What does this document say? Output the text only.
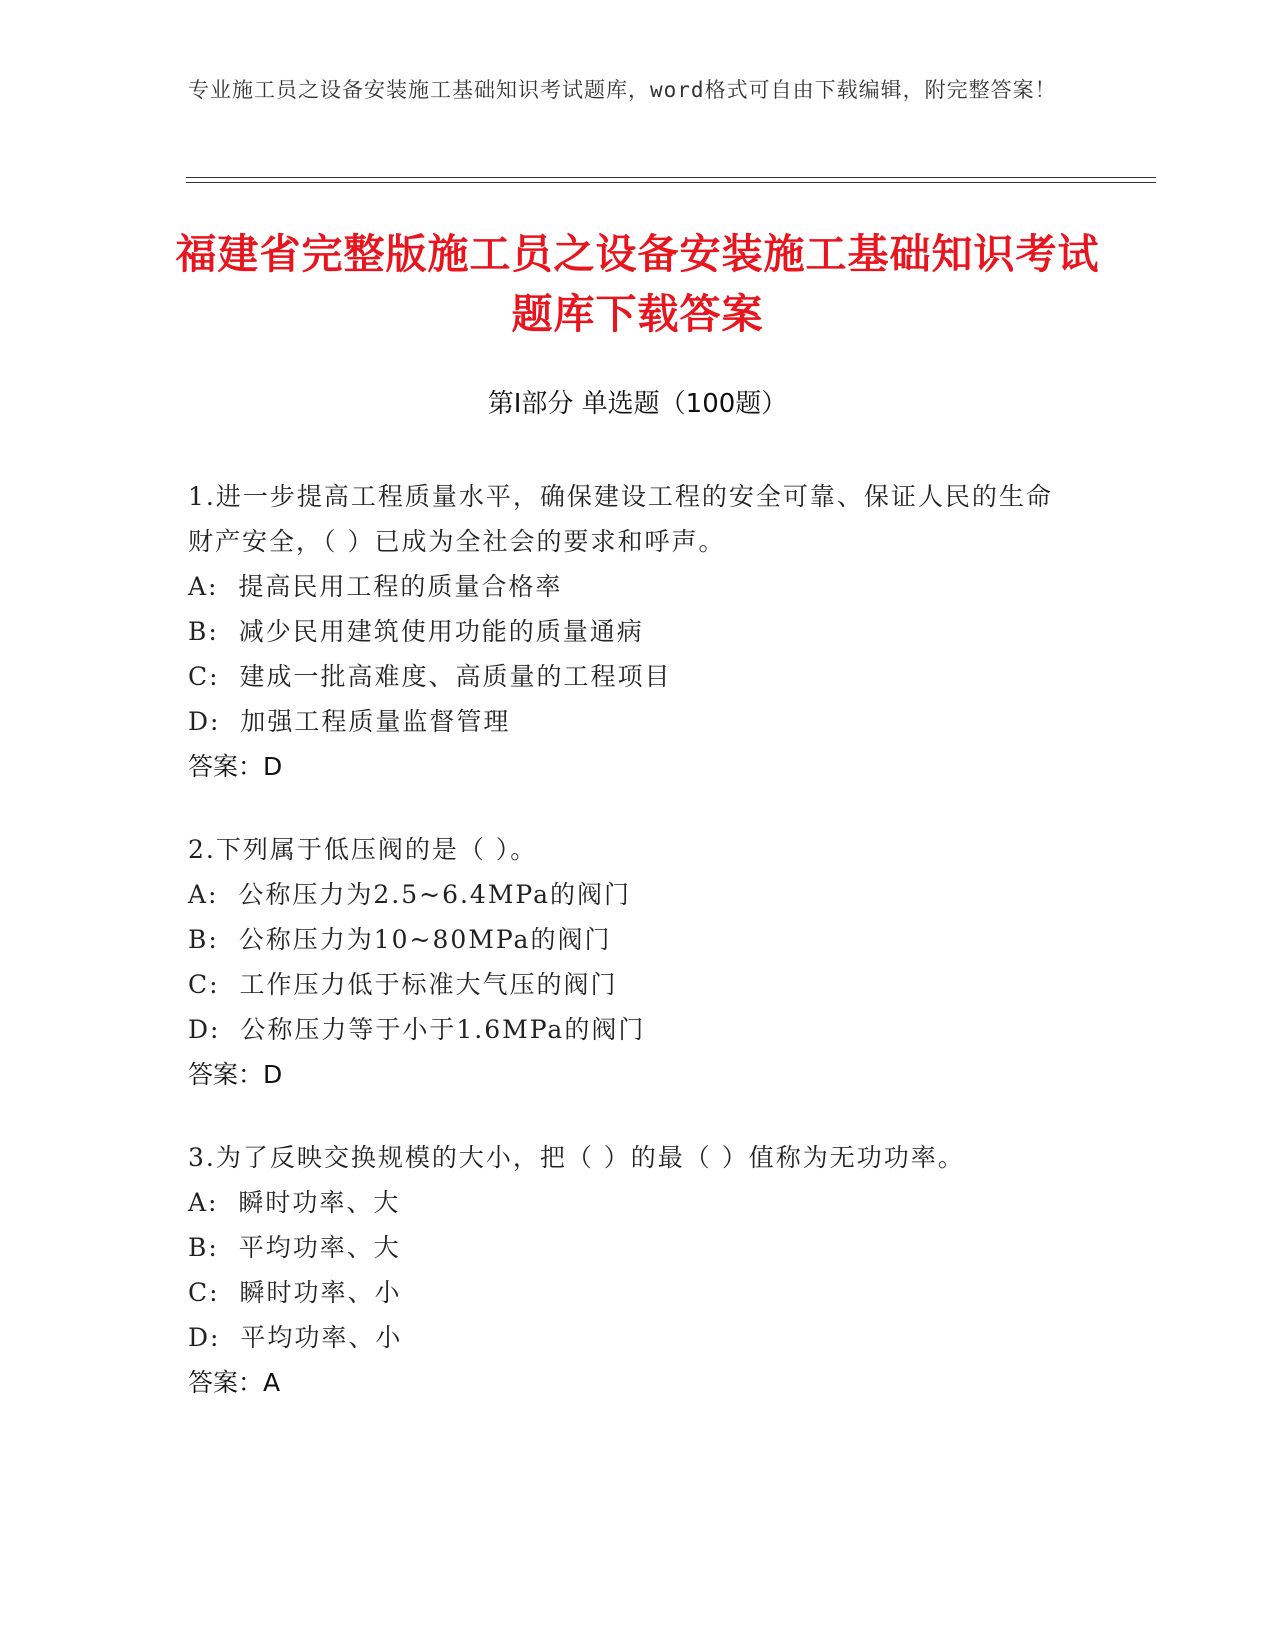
专业施工员之设备安装施工基础知识考试题库，word格式可自由下载编辑，附完整答案！
福建省完整版施工员之设备安装施工基础知识考试题库下载答案
第Ⅰ部分 单选题（100题）
1.进一步提高工程质量水平，确保建设工程的安全可靠、保证人民的生命财产安全，（ ）已成为全社会的要求和呼声。
A:  提高民用工程的质量合格率
B:  减少民用建筑使用功能的质量通病
C:  建成一批高难度、高质量的工程项目
D:  加强工程质量监督管理
答案：D
2.下列属于低压阀的是（ ）。
A:  公称压力为2.5~6.4MPa的阀门
B:  公称压力为10~80MPa的阀门
C:  工作压力低于标准大气压的阀门
D:  公称压力等于小于1.6MPa的阀门
答案：D
3.为了反映交换规模的大小，把（ ）的最（ ）值称为无功功率。
A:  瞬时功率、大
B:  平均功率、大
C:  瞬时功率、小
D:  平均功率、小
答案：A
